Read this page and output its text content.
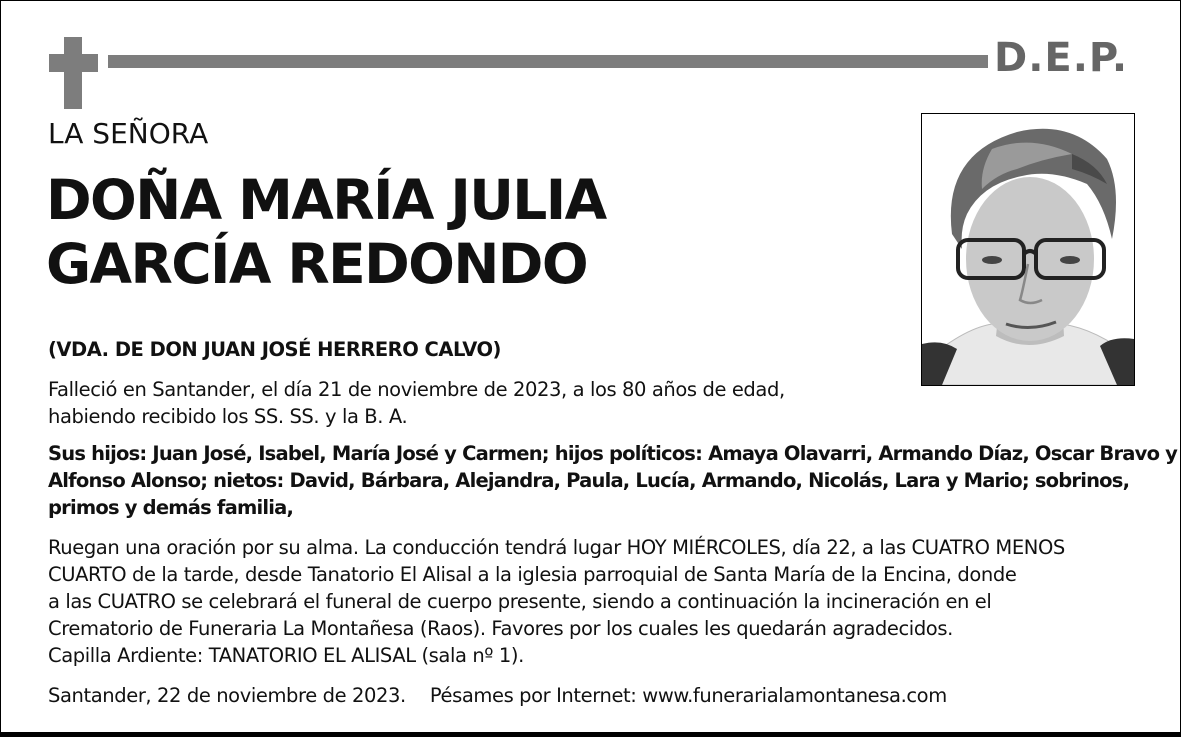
D.E.P.
LA SEÑORA
DOÑA MARÍA JULIA
GARCÍA REDONDO
(VDA. DE DON JUAN JOSÉ HERRERO CALVO)
Falleció en Santander, el día 21 de noviembre de 2023, a los 80 años de edad,
habiendo recibido los SS. SS. y la B. A.
Sus hijos: Juan José, Isabel, María José y Carmen; hijos políticos: Amaya Olavarri, Armando Díaz, Oscar Bravo y
Alfonso Alonso; nietos: David, Bárbara, Alejandra, Paula, Lucía, Armando, Nicolás, Lara y Mario; sobrinos,
primos y demás familia,
Ruegan una oración por su alma. La conducción tendrá lugar HOY MIÉRCOLES, día 22, a las CUATRO MENOS
CUARTO de la tarde, desde Tanatorio El Alisal a la iglesia parroquial de Santa María de la Encina, donde
a las CUATRO se celebrará el funeral de cuerpo presente, siendo a continuación la incineración en el
Crematorio de Funeraria La Montañesa (Raos). Favores por los cuales les quedarán agradecidos.
Capilla Ardiente: TANATORIO EL ALISAL (sala nº 1).
Santander, 22 de noviembre de 2023. Pésames por Internet: www.funerarialamontanesa.com
